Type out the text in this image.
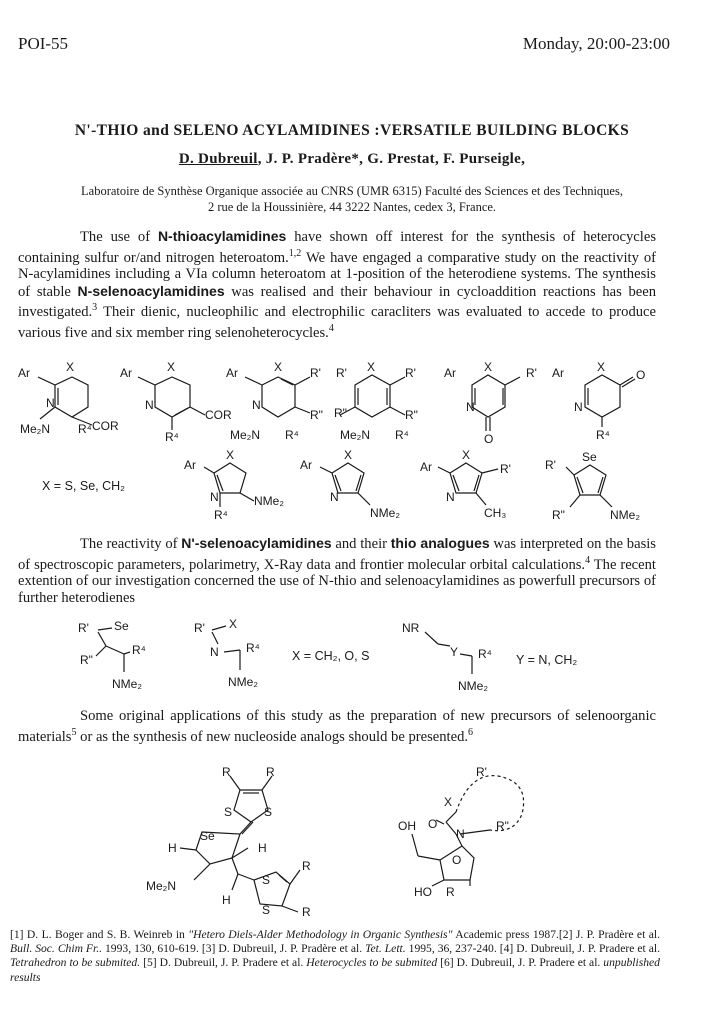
POI-55	Monday, 20:00-23:00
N'-THIO and SELENO ACYLAMIDINES :VERSATILE BUILDING BLOCKS
D. Dubreuil, J. P. Pradère*, G. Prestat, F. Purseigle,
Laboratoire de Synthèse Organique associée au CNRS (UMR 6315) Faculté des Sciences et des Techniques,
2 rue de la Houssinière, 44 3222 Nantes, cedex 3, France.
The use of N-thioacylamidines have shown off interest for the synthesis of heterocycles containing sulfur or/and nitrogen heteroatom.$^{1,2}$ We have engaged a comparative study on the reactivity of N-acylamidines including a VIa column heteroatom at 1-position of the heterodiene systems. The synthesis of stable N-selenoacylamidines was realised and their behaviour in cycloaddition reactions has been investigated.$^3$ Their dienic, nucleophilic and electrophilic caracliters was evaluated to accede to produce various five and six member ring selenoheterocycles.$^4$
Ar	X
N
COR
Me₂N R⁴
Ar	X
N
COR
R⁴
Ar	X R'
N
R"
Me₂N R⁴
R' X R'
R"	R"
Me₂N R⁴
Ar X	R'
N
O
Ar	X
O
N
R⁴
X = S, Se, CH₂
Ar
X
N	NMe₂
R⁴
Ar
X
N
NMe₂
Ar
X
R'
N
CH₃
R'
Se
R"	NMe₂
The reactivity of N'-selenoacylamidines and their thio analogues was interpreted on the basis of spectroscopic parameters, polarimetry, X-Ray data and frontier molecular orbital calculations.$^4$ The recent extention of our investigation concerned the use of N-thio and selenoacylamidines as powerfull precursors of further heterodienes
R' Se
R⁴
R"
NMe₂
R' X
N R⁴
NMe₂
X = CH₂, O, S
NR
Y R⁴
NMe₂
Y = N, CH₂
Some original applications of this study as the preparation of new precursors of selenoorganic materials$^5$ or as the synthesis of new nucleoside analogs should be presented.$^6$
R	R
S	S
Se
H
H
Me₂N
H
S
S
R
R
R'
X
OH O
N
R"
O
HO R
[1] D. L. Boger and S. B. Weinreb in "Hetero Diels-Alder Methodology in Organic Synthesis" Academic press 1987.[2] J. P. Pradère et al. Bull. Soc. Chim Fr.. 1993, 130, 610-619. [3] D. Dubreuil, J. P. Pradère et al. Tet. Lett. 1995, 36, 237-240. [4] D. Dubreuil, J. P. Pradere et al. Tetrahedron to be submited. [5] D. Dubreuil, J. P. Pradere et al. Heterocycles to be submited [6] D. Dubreuil, J. P. Pradere et al. unpublished results
